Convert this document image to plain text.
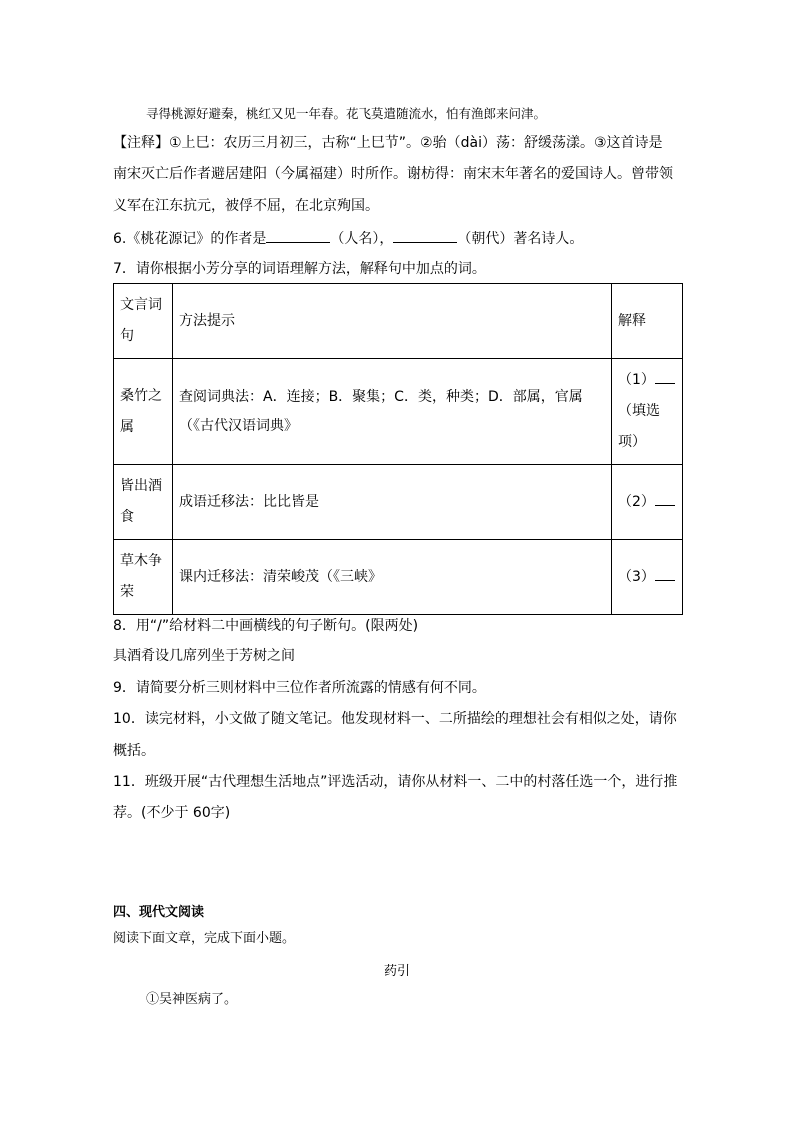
寻得桃源好避秦，桃红又见一年春。花飞莫遣随流水，怕有渔郎来问津。
【注释】①上巳：农历三月初三，古称“上巳节”。②骀（dài）荡：舒缓荡漾。③这首诗是
南宋灭亡后作者避居建阳（今属福建）时所作。谢枋得：南宋末年著名的爱国诗人。曾带领
义军在江东抗元，被俘不屈，在北京殉国。
6.《桃花源记》的作者是	（人名），	（朝代）著名诗人。
7．请你根据小芳分享的词语理解方法，解释句中加点的词。
文言词句	方法提示	解释
桑竹之属	查阅词典法：A．连接；B．聚集；C．类，种类；D．部属，官属（《古代汉语词典》	（1）（填选项）
皆出酒食	成语迁移法：比比皆是	（2）
草木争荣	课内迁移法：清荣峻茂（《三峡》	（3）
8．用“/”给材料二中画横线的句子断句。(限两处)
具酒肴设几席列坐于芳树之间
9．请简要分析三则材料中三位作者所流露的情感有何不同。
10．读完材料，小文做了随文笔记。他发现材料一、二所描绘的理想社会有相似之处，请你
概括。
11．班级开展“古代理想生活地点”评选活动，请你从材料一、二中的村落任选一个，进行推
荐。(不少于 60字)
四、现代文阅读
阅读下面文章，完成下面小题。
药引
①吴神医病了。
